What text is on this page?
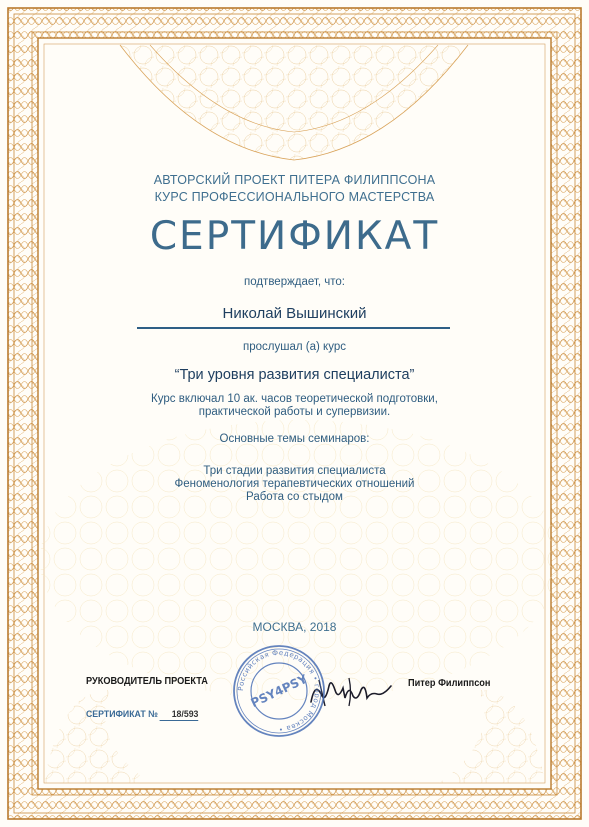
АВТОРСКИЙ ПРОЕКТ ПИТЕРА ФИЛИППСОНА
КУРС ПРОФЕССИОНАЛЬНОГО МАСТЕРСТВА
СЕРТИФИКАТ
подтверждает, что:
Николай Вышинский
прослушал (а) курс
“Три уровня развития специалиста”
Курс включал 10 ак. часов теоретической подготовки,
практической работы и супервизии.
Основные темы семинаров:
Три стадии развития специалиста
Феноменология терапевтических отношений
Работа со стыдом
МОСКВА, 2018
РУКОВОДИТЕЛЬ ПРОЕКТА
СЕРТИФИКАТ № 18/593
Питер Филиппсон
Российская Федерация • город Москва •
PSY4PSY
